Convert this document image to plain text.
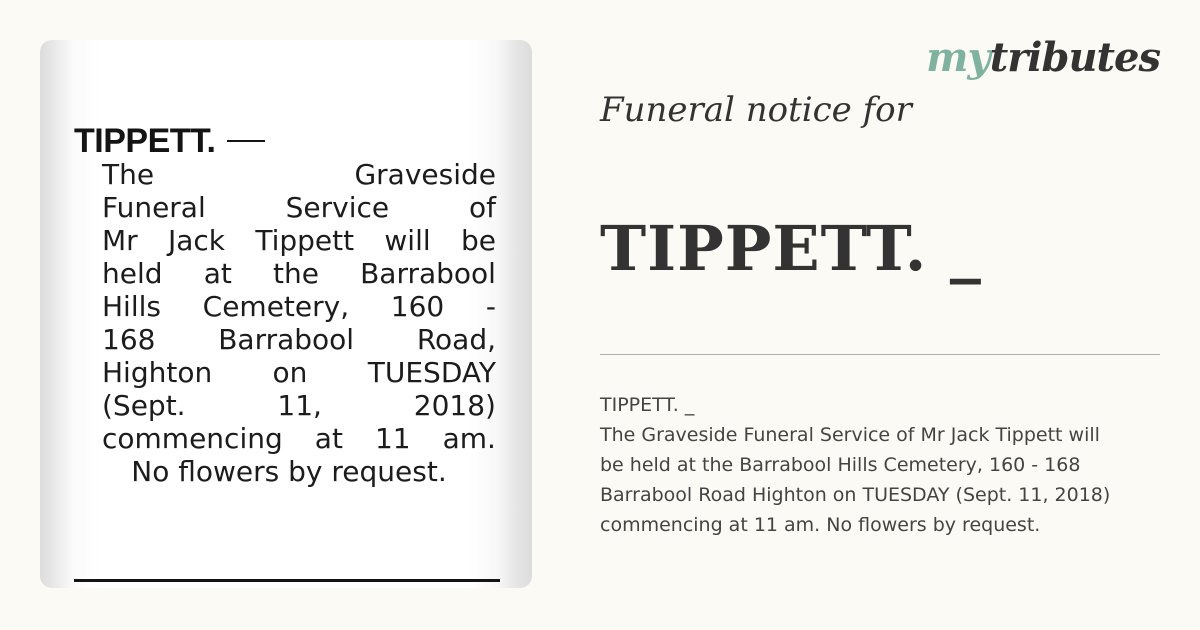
TIPPETT.
The	Graveside
Funeral	Service	of
Mr Jack Tippett will be
held at the Barrabool
Hills Cemetery, 160 -
168 Barrabool Road,
Highton on TUESDAY
(Sept.	11,	2018)
commencing at 11 am.
No flowers by request.
mytributes
Funeral notice for
TIPPETT. _
TIPPETT. _
The Graveside Funeral Service of Mr Jack Tippett will
be held at the Barrabool Hills Cemetery, 160 - 168
Barrabool Road Highton on TUESDAY (Sept. 11, 2018)
commencing at 11 am. No flowers by request.
